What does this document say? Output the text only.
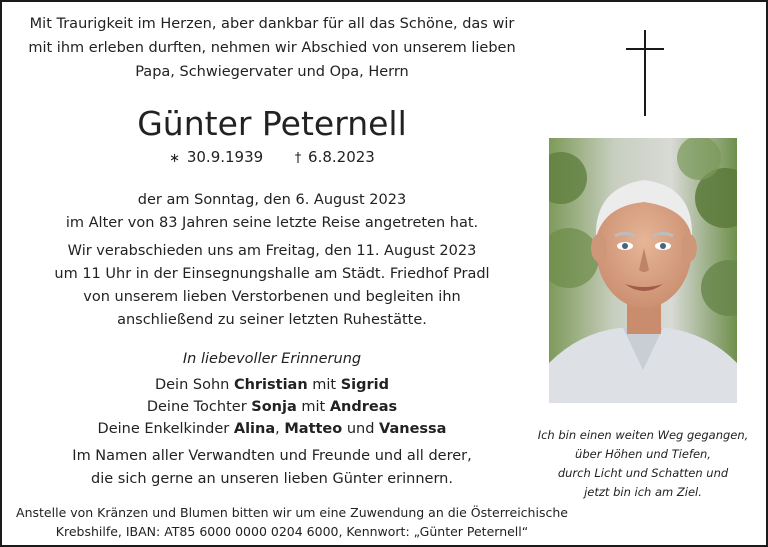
Mit Traurigkeit im Herzen, aber dankbar für all das Schöne, das wir
mit ihm erleben durften, nehmen wir Abschied von unserem lieben
Papa, Schwiegervater und Opa, Herrn
Günter Peternell
∗ 30.9.1939 † 6.8.2023
der am Sonntag, den 6. August 2023
im Alter von 83 Jahren seine letzte Reise angetreten hat.
Wir verabschieden uns am Freitag, den 11. August 2023
um 11 Uhr in der Einsegnungshalle am Städt. Friedhof Pradl
von unserem lieben Verstorbenen und begleiten ihn
anschließend zu seiner letzten Ruhestätte.
In liebevoller Erinnerung
Dein Sohn Christian mit Sigrid
Deine Tochter Sonja mit Andreas
Deine Enkelkinder Alina, Matteo und Vanessa
Im Namen aller Verwandten und Freunde und all derer,
die sich gerne an unseren lieben Günter erinnern.
Anstelle von Kränzen und Blumen bitten wir um eine Zuwendung an die Österreichische
Krebshilfe, IBAN: AT85 6000 0000 0204 6000, Kennwort: „Günter Peternell“
Ich bin einen weiten Weg gegangen,
über Höhen und Tiefen,
durch Licht und Schatten und
jetzt bin ich am Ziel.
